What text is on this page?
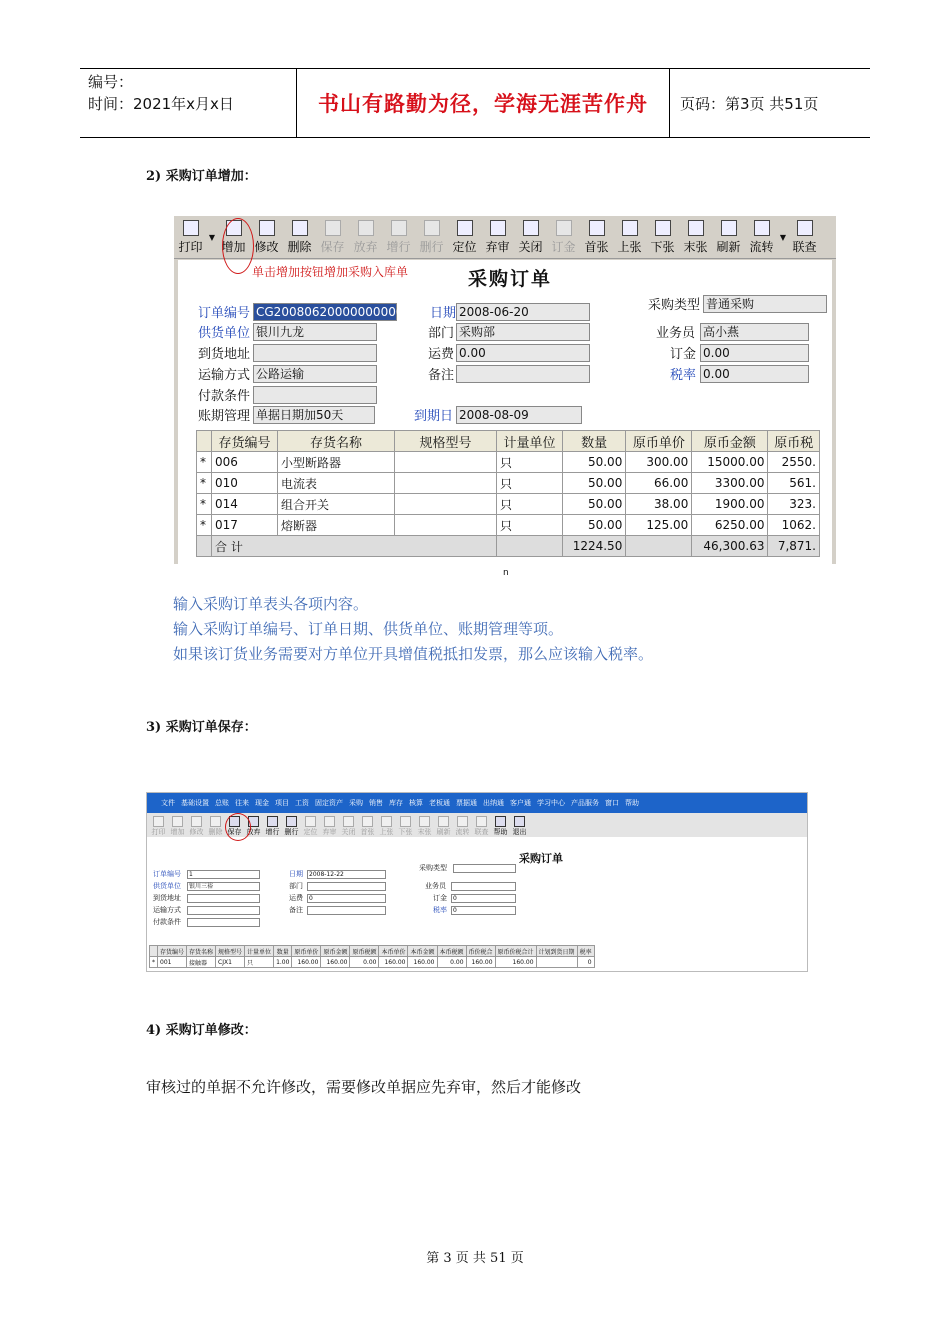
编号：
时间：2021年x月x日	书山有路勤为径，学海无涯苦作舟	页码：第3页 共51页
2) 采购订单增加：
打印
▼
增加 修改 删除 保存 放弃 增行 删行 定位 弃审 关闭 订金 首张 上张 下张 末张 刷新 流转
▼
联查
单击增加按钮增加采购入库单	采购订单
订单编号 CG2008062000000000004 日期 2008-06-20	采购类型 普通采购
供货单位 银川九龙	部门 采购部	业务员 高小燕
到货地址	运费 0.00	订金 0.00
运输方式 公路运输	备注	税率 0.00
付款条件
账期管理 单据日期加50天	到期日 2008-08-09
	存货编号	存货名称	规格型号	计量单位	数量	原币单价	原币金额	原币税
*	006	小型断路器		只	50.00	300.00	15000.00	2550.
*	010	电流表		只	50.00	66.00	3300.00	561.
*	014	组合开关		只	50.00	38.00	1900.00	323.
*	017	熔断器		只	50.00	125.00	6250.00	1062.
	合 计				1224.50		46,300.63	7,871.
n
输入采购订单表头各项内容。
输入采购订单编号、订单日期、供货单位、账期管理等项。
如果该订货业务需要对方单位开具增值税抵扣发票，那么应该输入税率。
3) 采购订单保存：
文件 基础设置 总账 往来 现金 项目 工资 固定资产 采购 销售 库存 核算 老板通 票据通 出纳通 客户通 学习中心 产品服务 窗口 帮助
打印 增加 修改 删除 保存 放弃 增行 删行 定位 弃审 关闭 首张 上张 下张 末张 刷新 流转 联查 帮助 退出
采购订单
订单编号	1	日期	2008-12-22
采购类型
供货单位	银川三裕	部门	业务员
到货地址	运费	0	订金	0
运输方式	备注	税率	0
付款条件
	存货编号	存货名称	规格型号	计量单位	数量	原币单价	原币金额	原币税额	本币单价	本币金额	本币税额	币价税合	原币价税合计	计划到货日期	税率
*	001	接触器	CJX1	只	1.00	160.00	160.00	0.00	160.00	160.00	0.00	160.00	160.00		0
4) 采购订单修改：
审核过的单据不允许修改，需要修改单据应先弃审，然后才能修改
第 3 页 共 51 页
